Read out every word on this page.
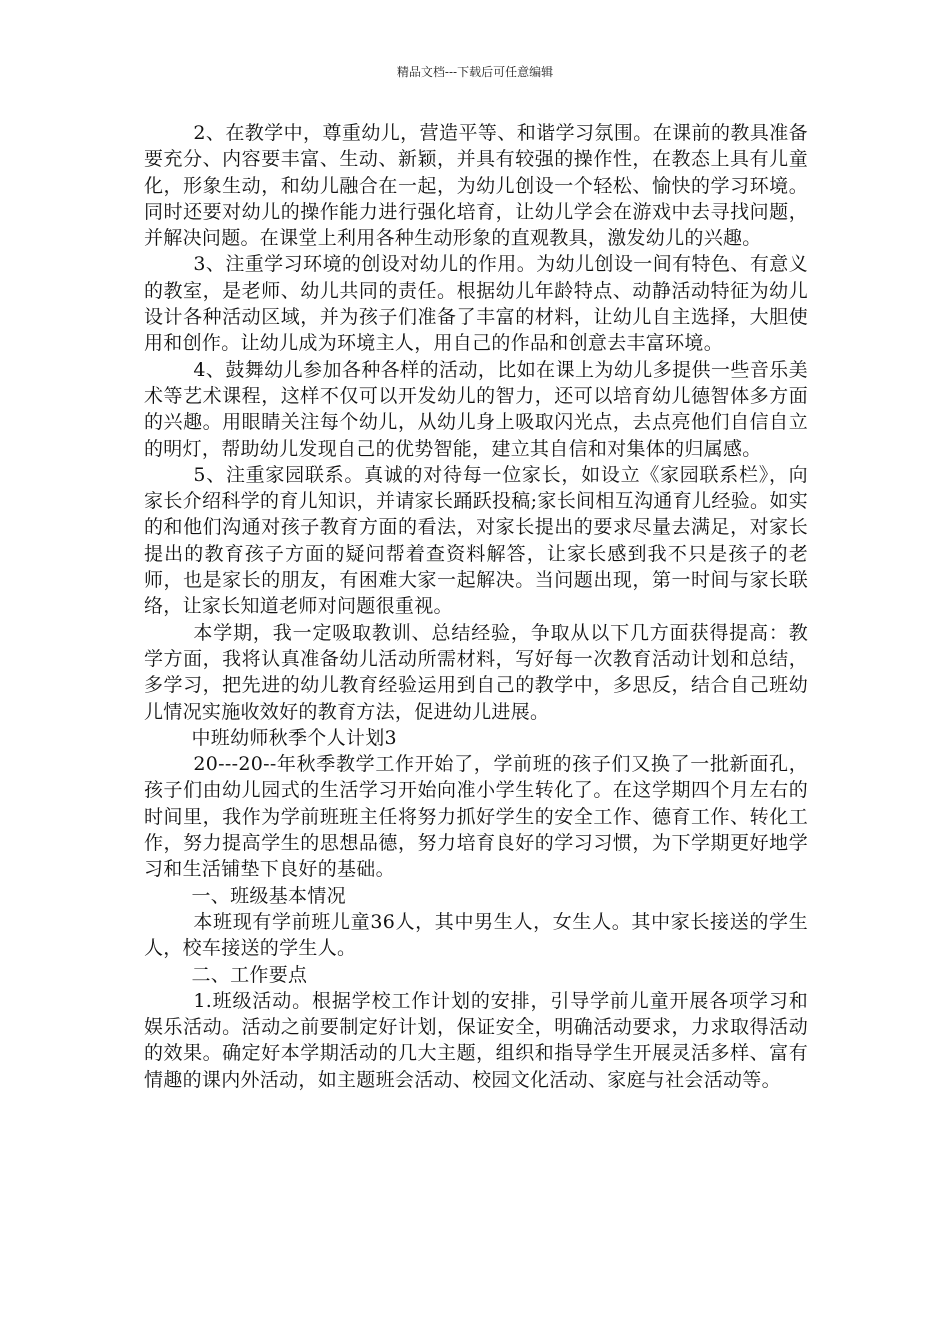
精品文档---下载后可任意编辑

2、在教学中，尊重幼儿，营造平等、和谐学习氛围。在课前的教具准备要充分、内容要丰富、生动、新颖，并具有较强的操作性，在教态上具有儿童化，形象生动，和幼儿融合在一起，为幼儿创设一个轻松、愉快的学习环境。同时还要对幼儿的操作能力进行强化培育，让幼儿学会在游戏中去寻找问题，并解决问题。在课堂上利用各种生动形象的直观教具，激发幼儿的兴趣。

3、注重学习环境的创设对幼儿的作用。为幼儿创设一间有特色、有意义的教室，是老师、幼儿共同的责任。根据幼儿年龄特点、动静活动特征为幼儿设计各种活动区域，并为孩子们准备了丰富的材料，让幼儿自主选择，大胆使用和创作。让幼儿成为环境主人，用自己的作品和创意去丰富环境。

4、鼓舞幼儿参加各种各样的活动，比如在课上为幼儿多提供一些音乐美术等艺术课程，这样不仅可以开发幼儿的智力，还可以培育幼儿德智体多方面的兴趣。用眼睛关注每个幼儿，从幼儿身上吸取闪光点，去点亮他们自信自立的明灯，帮助幼儿发现自己的优势智能，建立其自信和对集体的归属感。

5、注重家园联系。真诚的对待每一位家长，如设立《家园联系栏》，向家长介绍科学的育儿知识，并请家长踊跃投稿;家长间相互沟通育儿经验。如实的和他们沟通对孩子教育方面的看法，对家长提出的要求尽量去满足，对家长提出的教育孩子方面的疑问帮着查资料解答，让家长感到我不只是孩子的老师，也是家长的朋友，有困难大家一起解决。当问题出现，第一时间与家长联络，让家长知道老师对问题很重视。

本学期，我一定吸取教训、总结经验，争取从以下几方面获得提高：教学方面，我将认真准备幼儿活动所需材料，写好每一次教育活动计划和总结，多学习，把先进的幼儿教育经验运用到自己的教学中，多思反，结合自己班幼儿情况实施收效好的教育方法，促进幼儿进展。

中班幼师秋季个人计划3

20---20--年秋季教学工作开始了，学前班的孩子们又换了一批新面孔，孩子们由幼儿园式的生活学习开始向准小学生转化了。在这学期四个月左右的时间里，我作为学前班班主任将努力抓好学生的安全工作、德育工作、转化工作，努力提高学生的思想品德，努力培育良好的学习习惯，为下学期更好地学习和生活铺垫下良好的基础。

一、班级基本情况

本班现有学前班儿童36人，其中男生人，女生人。其中家长接送的学生人，校车接送的学生人。

二、工作要点

1.班级活动。根据学校工作计划的安排，引导学前儿童开展各项学习和娱乐活动。活动之前要制定好计划，保证安全，明确活动要求，力求取得活动的效果。确定好本学期活动的几大主题，组织和指导学生开展灵活多样、富有情趣的课内外活动，如主题班会活动、校园文化活动、家庭与社会活动等。
